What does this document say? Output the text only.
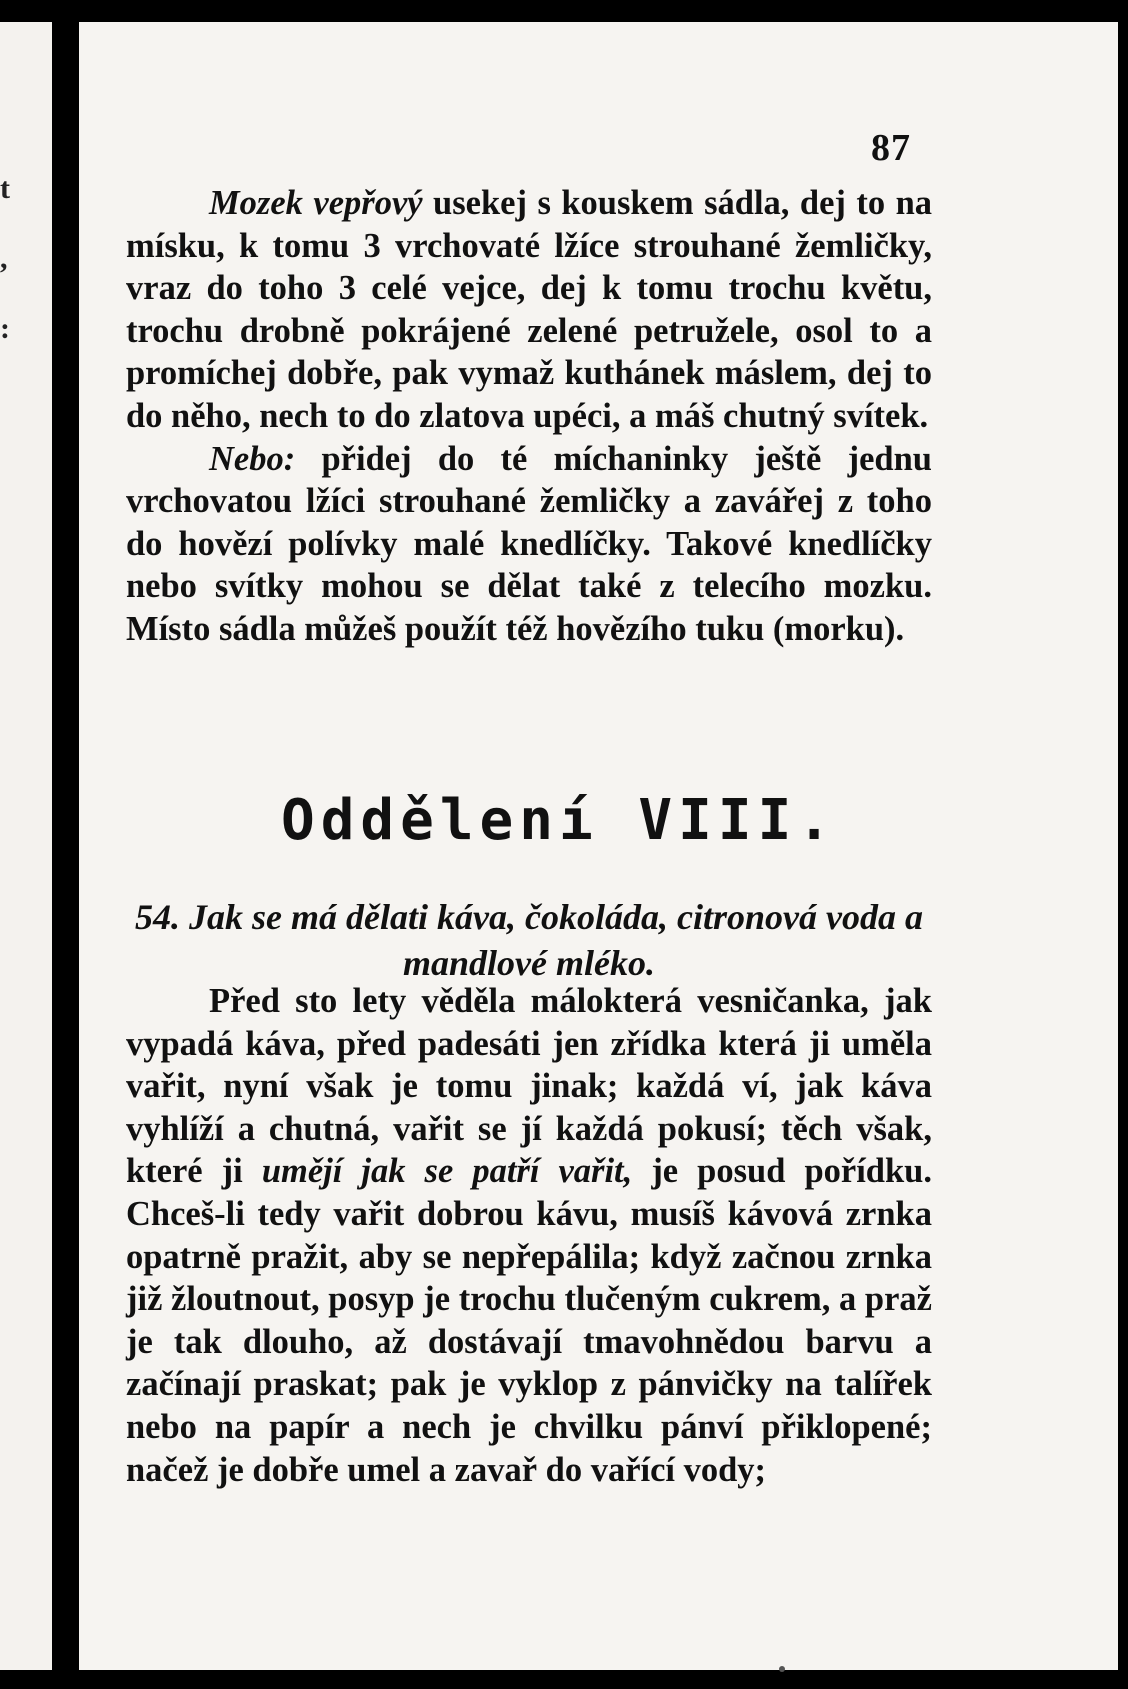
t
,
:
87

Mozek vepřový usekej s kouskem sádla, dej to na mísku, k tomu 3 vrchovaté lžíce strouhané žemličky, vraz do toho 3 celé vejce, dej k tomu trochu květu, trochu drobně pokrájené zelené petruželе, osol to a promíchej dobře, pak vymaž kuthánek máslem, dej to do něho, nech to do zlatova upéci, a máš chutný svítek.

Nebo: přidej do té míchaninky ještě jednu vrchovatou lžíci strouhané žemličky a zavářej z toho do hovězí polívky malé knedlíčky. Takové knedlíčky nebo svítky mohou se dělat také z telecího mozku. Místo sádla můžeš použít též hovězího tuku (morku).

Oddělení VIII.
54. Jak se má dělati káva, čokoláda, citronová voda a mandlové mléko.

Před sto lety věděla málokterá vesničanka, jak vypadá káva, před padesáti jen zřídka která ji uměla vařit, nyní však je tomu jinak; každá ví, jak káva vyhlíží a chutná, vařit se jí každá pokusí; těch však, které ji umějí jak se patří vařit, je posud pořídku. Chceš-li tedy vařit dobrou kávu, musíš kávová zrnka opatrně pražit, aby se nepřepálila; když začnou zrnka již žloutnout, posyp je trochu tlučeným cukrem, a praž je tak dlouho, až dostávají tmavohnědou barvu a začínají praskat; pak je vyklop z pánvičky na talířek nebo na papír a nech je chvilku pánví přiklopené; načež je dobře umel a zavař do vařící vody;
